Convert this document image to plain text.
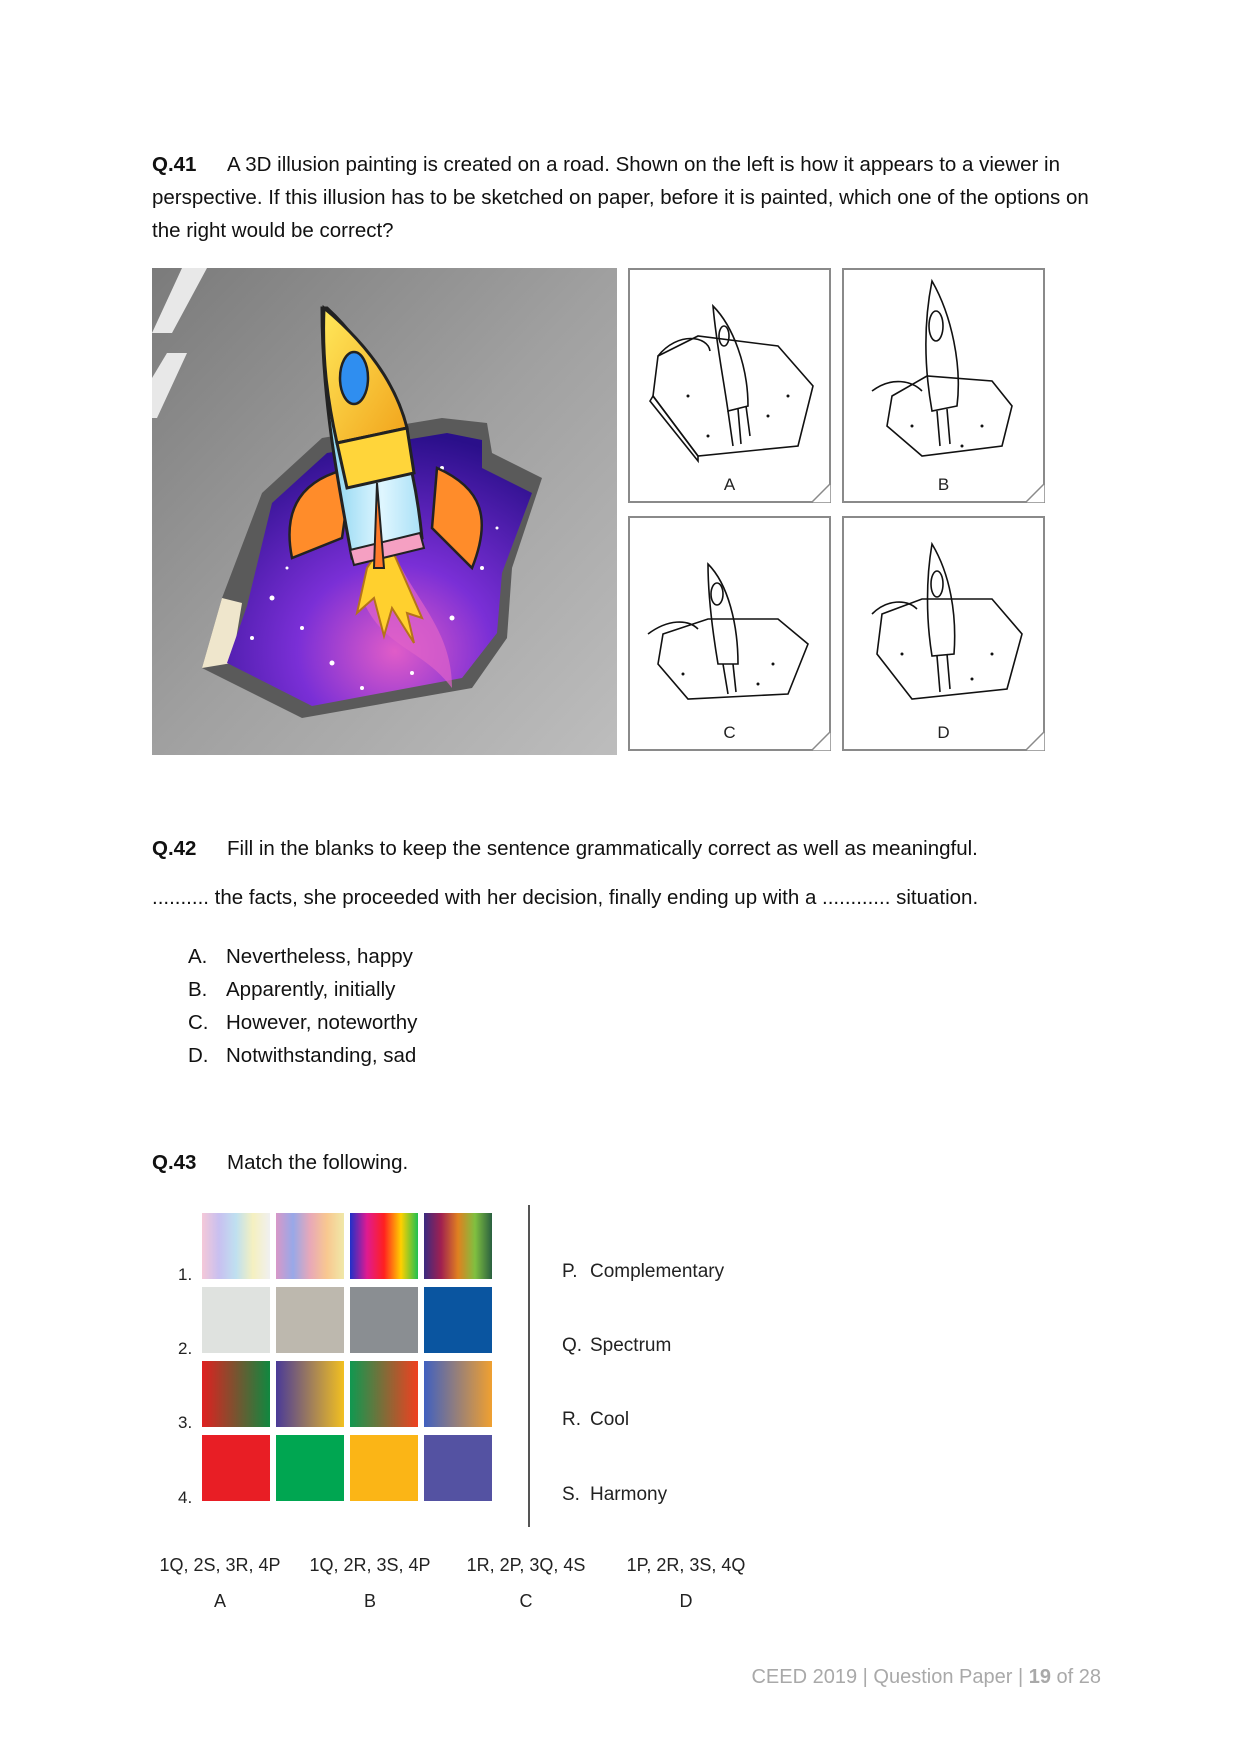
Q.41 A 3D illusion painting is created on a road. Shown on the left is how it appears to a viewer in perspective. If this illusion has to be sketched on paper, before it is painted, which one of the options on the right would be correct?

A	B
C	D

Q.42 Fill in the blanks to keep the sentence grammatically correct as well as meaningful.

.......... the facts, she proceeded with her decision, finally ending up with a ............ situation.
A. Nevertheless, happy
B. Apparently, initially
C. However, noteworthy
D. Notwithstanding, sad

Q.43 Match the following.

1.
2.
3.
4.
P. Complementary
Q. Spectrum
R. Cool
S. Harmony
1Q, 2S, 3R, 4P	1Q, 2R, 3S, 4P	1R, 2P, 3Q, 4S	1P, 2R, 3S, 4Q
A	B	C	D
CEED 2019 | Question Paper | 19 of 28
